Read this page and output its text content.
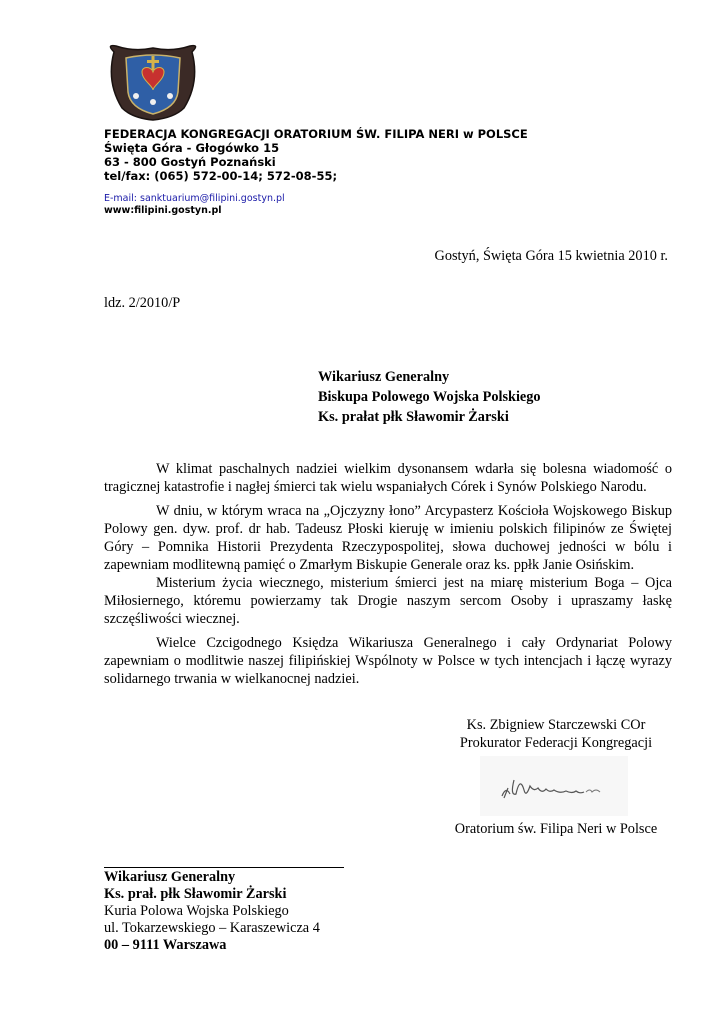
FEDERACJA KONGREGACJI ORATORIUM ŚW. FILIPA NERI w POLSCE
Święta Góra - Głogówko 15
63 - 800 Gostyń Poznański
tel/fax: (065) 572-00-14; 572-08-55;
E-mail: sanktuarium@filipini.gostyn.pl
www:filipini.gostyn.pl
Gostyń, Święta Góra 15 kwietnia 2010 r.
ldz. 2/2010/P
Wikariusz Generalny
Biskupa Polowego Wojska Polskiego
Ks. prałat płk Sławomir Żarski
W klimat paschalnych nadziei wielkim dysonansem wdarła się bolesna wiadomość o tragicznej katastrofie i nagłej śmierci tak wielu wspaniałych Córek i Synów Polskiego Narodu.
W dniu, w którym wraca na „Ojczyzny łono” Arcypasterz Kościoła Wojskowego Biskup Polowy gen. dyw. prof. dr hab. Tadeusz Płoski kieruję w imieniu polskich filipinów ze Świętej Góry – Pomnika Historii Prezydenta Rzeczypospolitej, słowa duchowej jedności w bólu i zapewniam modlitewną pamięć o Zmarłym Biskupie Generale oraz ks. ppłk Janie Osińskim.
Misterium życia wiecznego, misterium śmierci jest na miarę misterium Boga – Ojca Miłosiernego, któremu powierzamy tak Drogie naszym sercom Osoby i upraszamy łaskę szczęśliwości wiecznej.
Wielce Czcigodnego Księdza Wikariusza Generalnego i cały Ordynariat Polowy zapewniam o modlitwie naszej filipińskiej Wspólnoty w Polsce w tych intencjach i łączę wyrazy solidarnego trwania w wielkanocnej nadziei.
Ks. Zbigniew Starczewski COr
Prokurator Federacji Kongregacji
Oratorium św. Filipa Neri w Polsce
Wikariusz Generalny
Ks. prał. płk Sławomir Żarski
Kuria Polowa Wojska Polskiego
ul. Tokarzewskiego – Karaszewicza 4
00 – 9111 Warszawa
